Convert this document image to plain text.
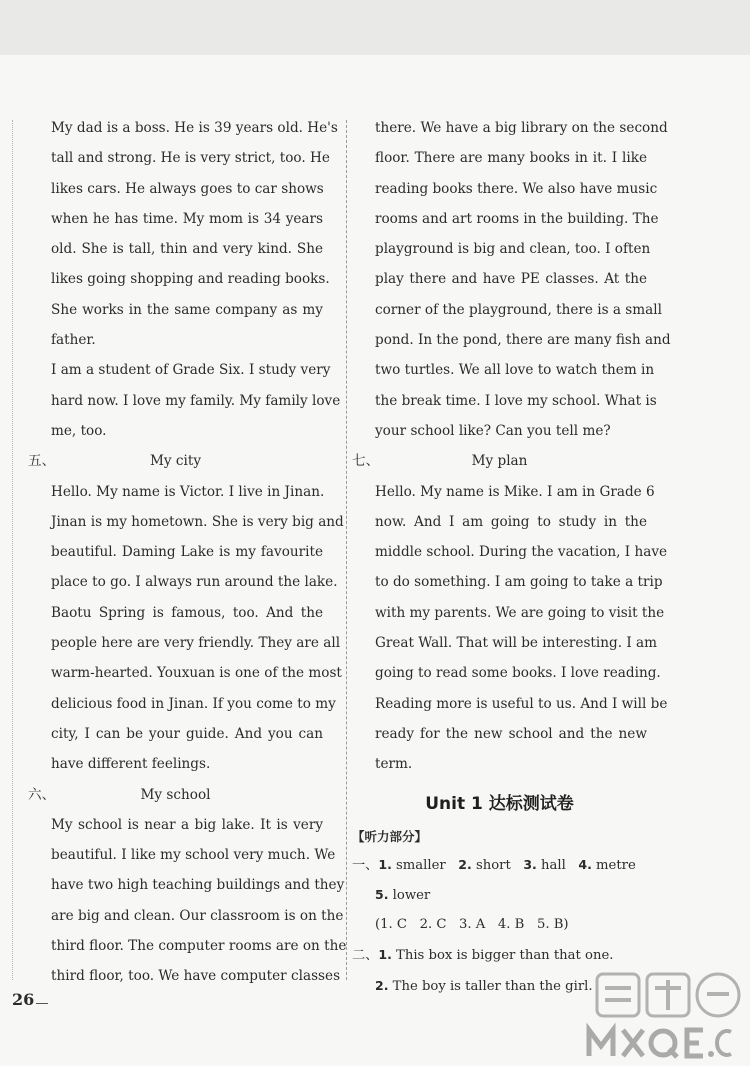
My dad is a boss. He is 39 years old. He's
tall and strong. He is very strict, too. He
likes cars. He always goes to car shows
when he has time. My mom is 34 years
old. She is tall, thin and very kind. She
likes going shopping and reading books.
She works in the same company as my
father.
I am a student of Grade Six. I study very
hard now. I love my family. My family love
me, too.
五、	My city
Hello. My name is Victor. I live in Jinan.
Jinan is my hometown. She is very big and
beautiful. Daming Lake is my favourite
place to go. I always run around the lake.
Baotu Spring is famous, too. And the
people here are very friendly. They are all
warm-hearted. Youxuan is one of the most
delicious food in Jinan. If you come to my
city, I can be your guide. And you can
have different feelings.
六、	My school
My school is near a big lake. It is very
beautiful. I like my school very much. We
have two high teaching buildings and they
are big and clean. Our classroom is on the
third floor. The computer rooms are on the
third floor, too. We have computer classes
there. We have a big library on the second
floor. There are many books in it. I like
reading books there. We also have music
rooms and art rooms in the building. The
playground is big and clean, too. I often
play there and have PE classes. At the
corner of the playground, there is a small
pond. In the pond, there are many fish and
two turtles. We all love to watch them in
the break time. I love my school. What is
your school like? Can you tell me?
七、	My plan
Hello. My name is Mike. I am in Grade 6
now. And I am going to study in the
middle school. During the vacation, I have
to do something. I am going to take a trip
with my parents. We are going to visit the
Great Wall. That will be interesting. I am
going to read some books. I love reading.
Reading more is useful to us. And I will be
ready for the new school and the new
term.
Unit 1 达标测试卷
【听力部分】
一、1. smaller 2. short 3. hall 4. metre
5. lower
(1. C   2. C   3. A   4. B   5. B)
二、1. This box is bigger than that one.
2. The boy is taller than the girl.
26
